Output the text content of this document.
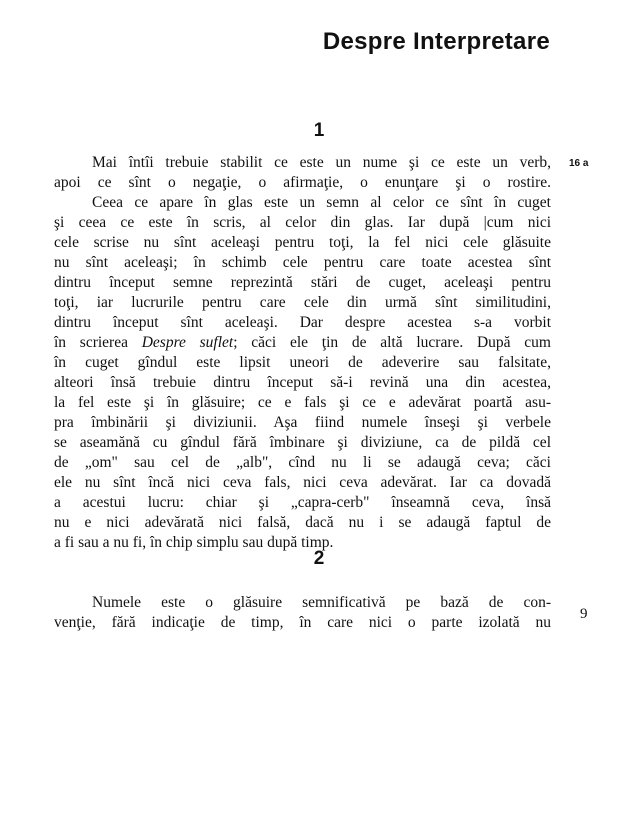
Despre Interpretare
1
Mai întîi trebuie stabilit ce este un nume şi ce este un verb,
apoi ce sînt o negaţie, o afirmaţie, o enunţare şi o rostire.
Ceea ce apare în glas este un semn al celor ce sînt în cuget
şi ceea ce este în scris, al celor din glas. Iar după |cum nici
cele scrise nu sînt aceleaşi pentru toţi, la fel nici cele glăsuite
nu sînt aceleaşi; în schimb cele pentru care toate acestea sînt
dintru început semne reprezintă stări de cuget, aceleaşi pentru
toţi, iar lucrurile pentru care cele din urmă sînt similitudini,
dintru început sînt aceleaşi. Dar despre acestea s-a vorbit
în scrierea Despre suflet; căci ele ţin de altă lucrare. După cum
în cuget gîndul este lipsit uneori de adeverire sau falsitate,
alteori însă trebuie dintru început să-i revină una din acestea,
la fel este şi în glăsuire; ce e fals şi ce e adevărat poartă asu-
pra îmbinării şi diviziunii. Aşa fiind numele înseşi şi verbele
se aseamănă cu gîndul fără îmbinare şi diviziune, ca de pildă cel
de „om" sau cel de „alb", cînd nu li se adaugă ceva; căci
ele nu sînt încă nici ceva fals, nici ceva adevărat. Iar ca dovadă
a acestui lucru: chiar şi „capra-cerb" înseamnă ceva, însă
nu e nici adevărată nici falsă, dacă nu i se adaugă faptul de
a fi sau a nu fi, în chip simplu sau după timp.
16 a
2
Numele este o glăsuire semnificativă pe bază de con-
venţie, fără indicaţie de timp, în care nici o parte izolată nu 9
